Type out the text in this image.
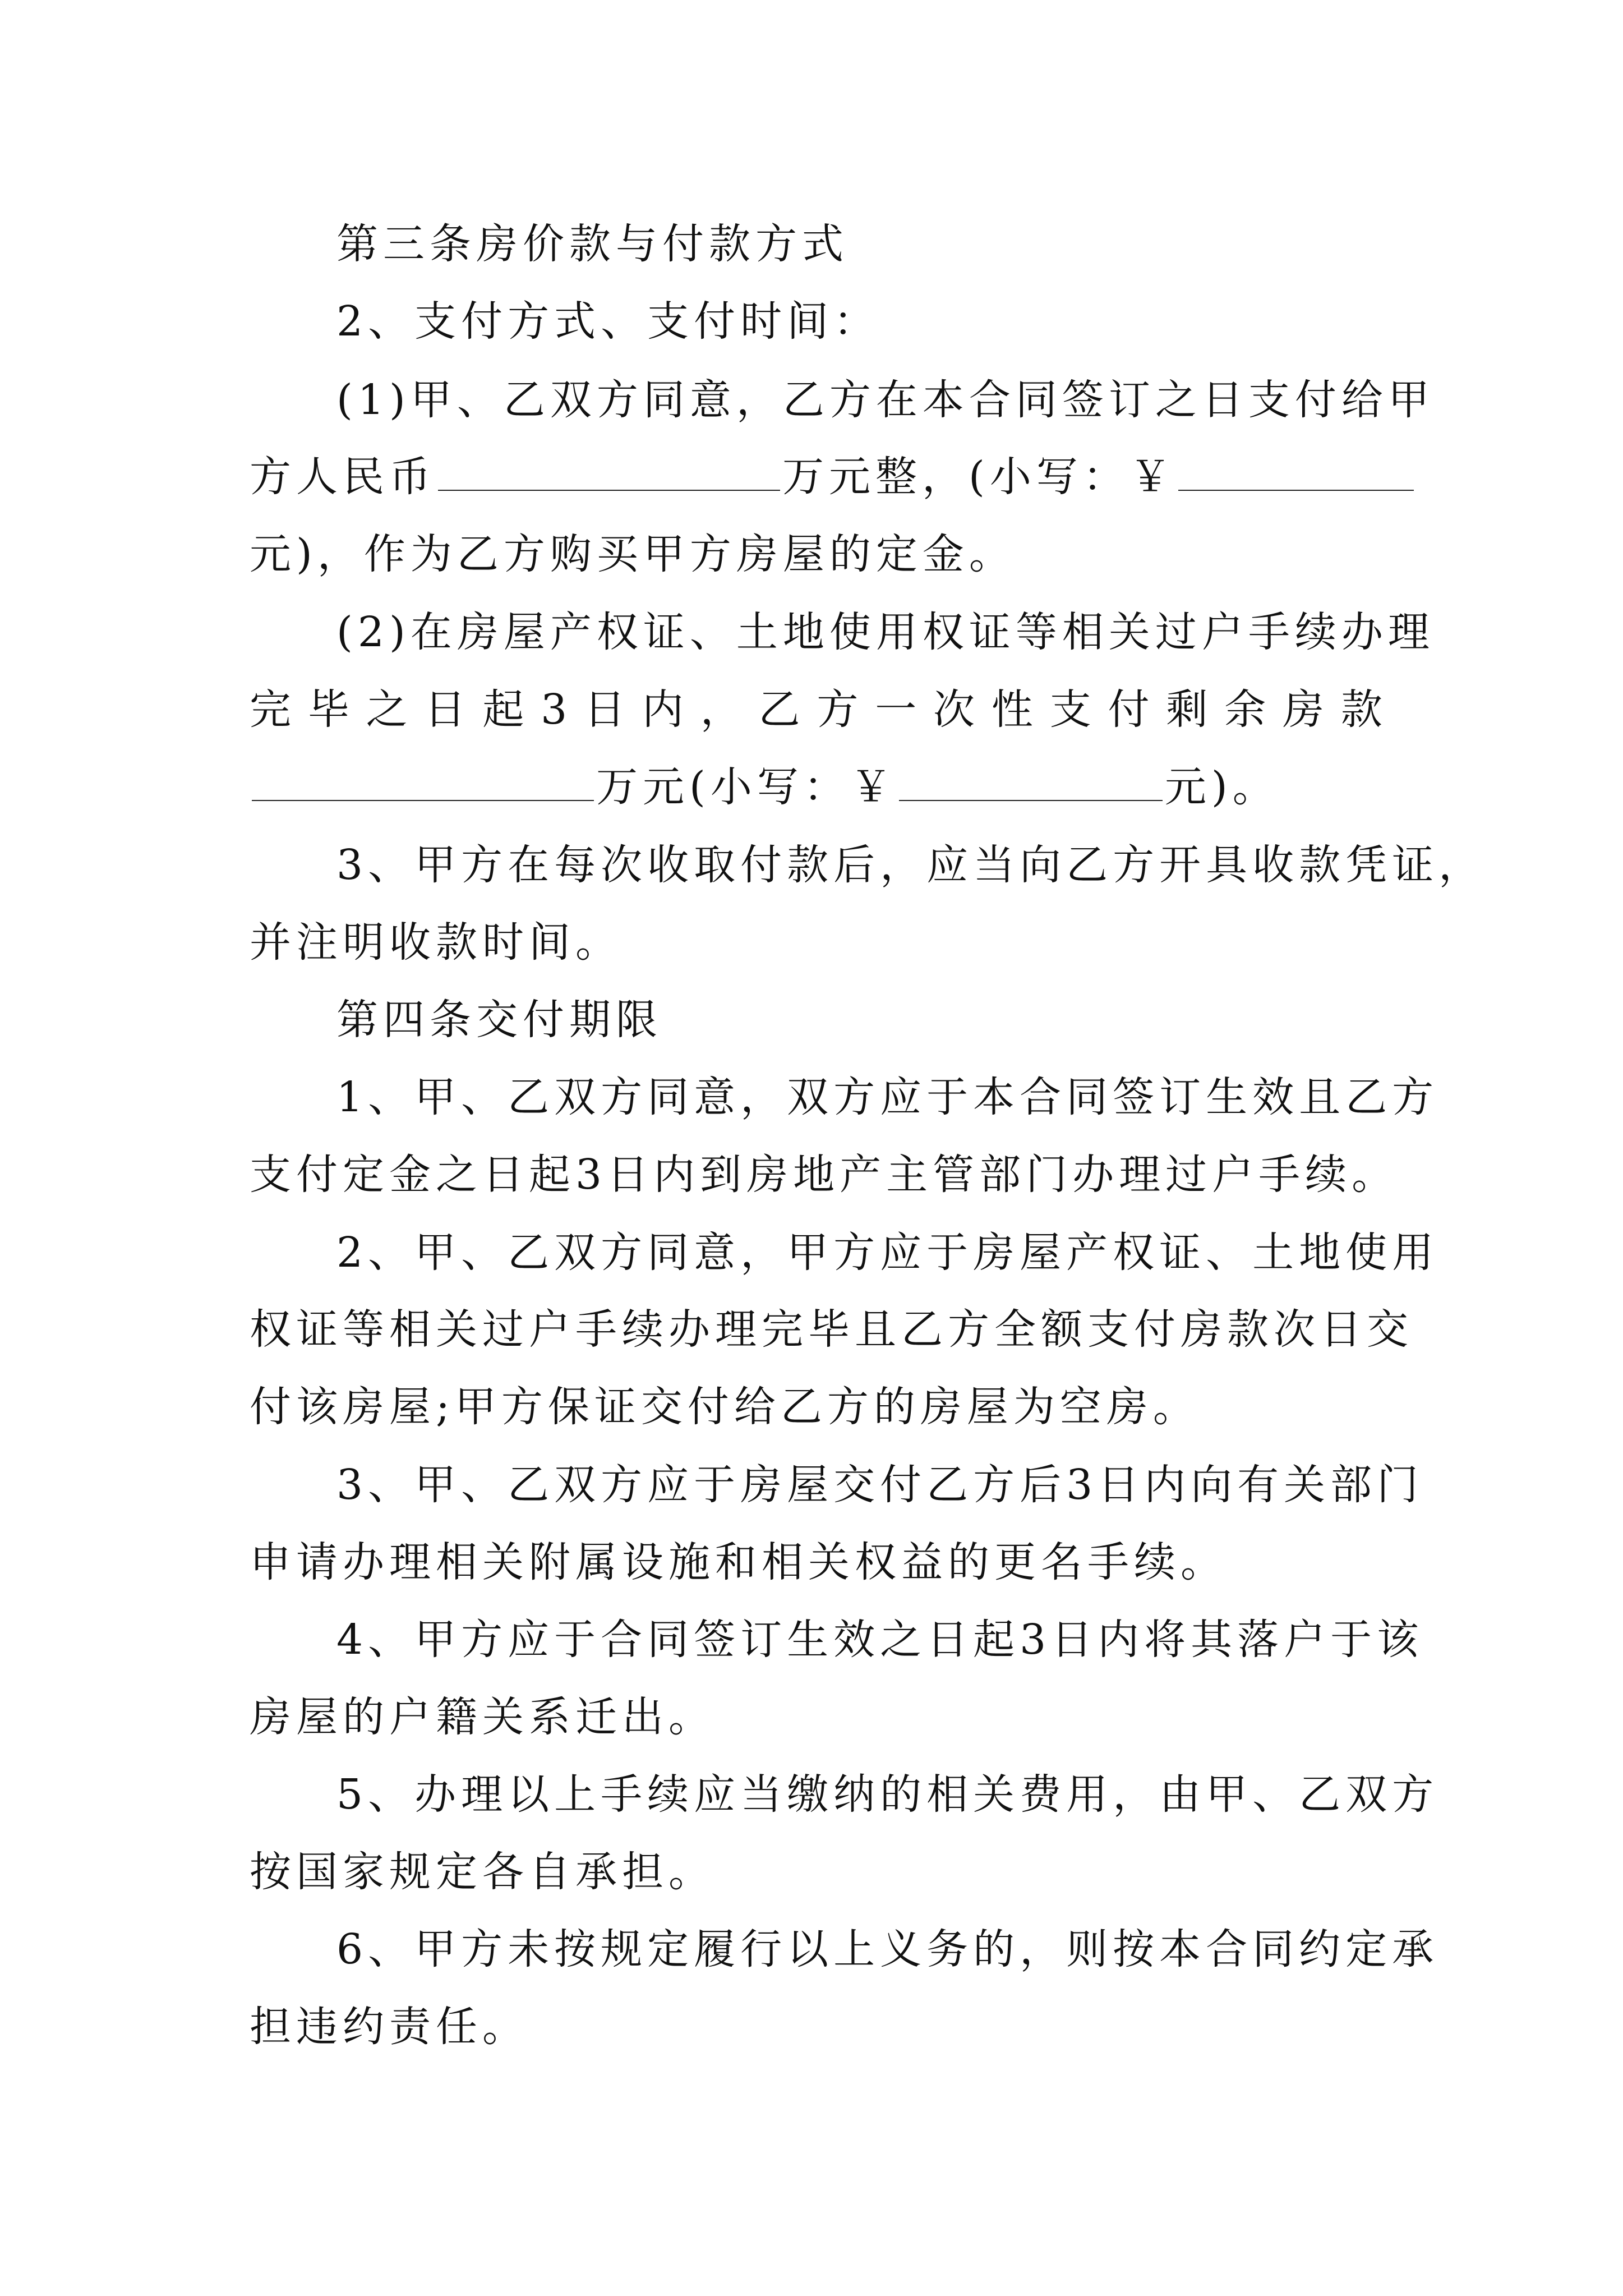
第三条房价款与付款方式
2、支付方式、支付时间：
(1)甲、乙双方同意，乙方在本合同签订之日支付给甲
方人民币	万元整，(小写：￥
元)，作为乙方购买甲方房屋的定金。
(2)在房屋产权证、土地使用权证等相关过户手续办理
完 毕 之 日 起 3 日 内 ， 乙 方 一 次 性 支 付 剩 余 房 款
万元(小写：￥	元)。
3、甲方在每次收取付款后，应当向乙方开具收款凭证，
并注明收款时间。
第四条交付期限
1、甲、乙双方同意，双方应于本合同签订生效且乙方
支付定金之日起3日内到房地产主管部门办理过户手续。
2、甲、乙双方同意，甲方应于房屋产权证、土地使用
权证等相关过户手续办理完毕且乙方全额支付房款次日交
付该房屋;甲方保证交付给乙方的房屋为空房。
3、甲、乙双方应于房屋交付乙方后3日内向有关部门
申请办理相关附属设施和相关权益的更名手续。
4、甲方应于合同签订生效之日起3日内将其落户于该
房屋的户籍关系迁出。
5、办理以上手续应当缴纳的相关费用，由甲、乙双方
按国家规定各自承担。
6、甲方未按规定履行以上义务的，则按本合同约定承
担违约责任。
